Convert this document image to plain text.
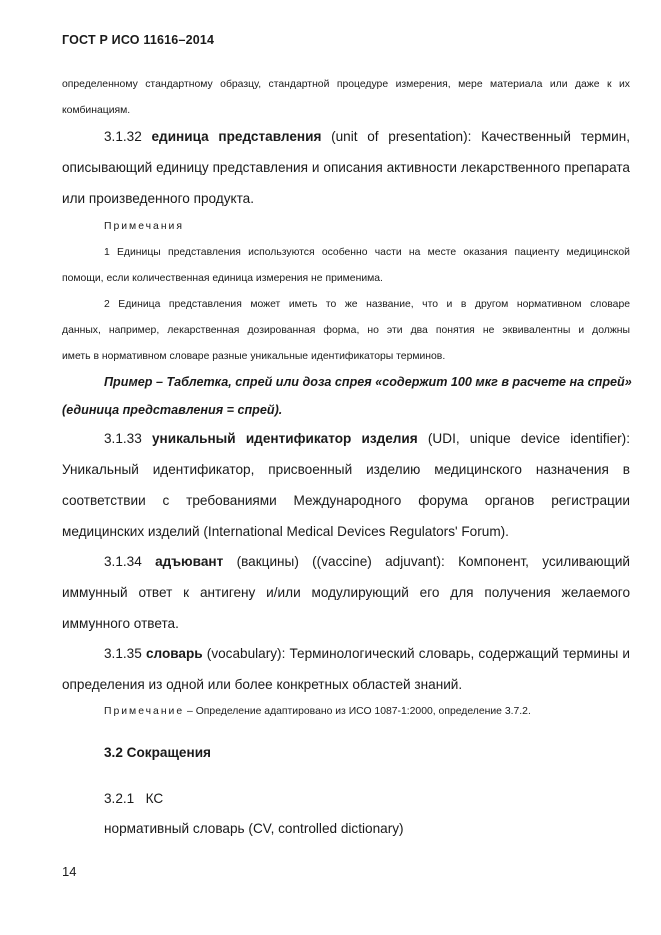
ГОСТ Р ИСО 11616–2014
определенному стандартному образцу, стандартной процедуре измерения, мере материала или даже к их
комбинациям.
3.1.32 единица представления (unit of presentation): Качественный термин,
описывающий единицу представления и описания активности лекарственного препарата
или произведенного продукта.
Примечания
1 Единицы представления используются особенно части на месте оказания пациенту медицинской
помощи, если количественная единица измерения не применима.
2 Единица представления может иметь то же название, что и в другом нормативном словаре
данных, например, лекарственная дозированная форма, но эти два понятия не эквивалентны и должны
иметь в нормативном словаре разные уникальные идентификаторы терминов.
Пример – Таблетка, спрей или доза спрея «содержит 100 мкг в расчете на спрей»
(единица представления = спрей).
3.1.33 уникальный идентификатор изделия (UDI, unique device identifier):
Уникальный идентификатор, присвоенный изделию медицинского назначения в
соответствии с требованиями Международного форума органов регистрации
медицинских изделий (International Medical Devices Regulators' Forum).
3.1.34 адъювант (вакцины) ((vaccine) adjuvant): Компонент, усиливающий
иммунный ответ к антигену и/или модулирующий его для получения желаемого
иммунного ответа.
3.1.35 словарь (vocabulary): Терминологический словарь, содержащий термины и
определения из одной или более конкретных областей знаний.
Примечание – Определение адаптировано из ИСО 1087-1:2000, определение 3.7.2.
3.2 Сокращения
3.2.1 КС
нормативный словарь (CV, controlled dictionary)
14
